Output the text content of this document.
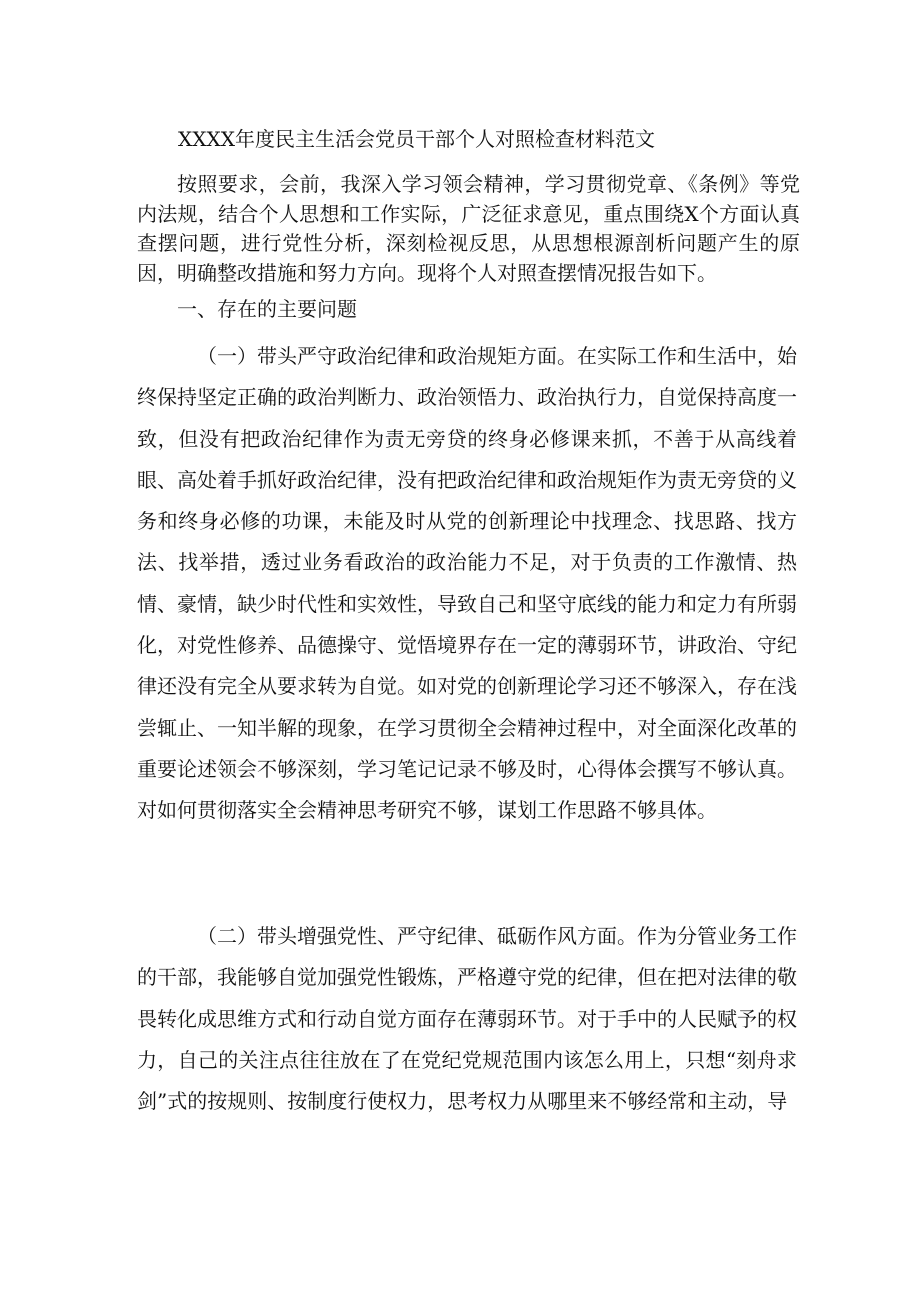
XXXX年度民主生活会党员干部个人对照检查材料范文

按照要求，会前，我深入学习领会精神，学习贯彻党章、《条例》等党内法规，结合个人思想和工作实际，广泛征求意见，重点围绕X个方面认真查摆问题，进行党性分析，深刻检视反思，从思想根源剖析问题产生的原因，明确整改措施和努力方向。现将个人对照查摆情况报告如下。

一、存在的主要问题

（一）带头严守政治纪律和政治规矩方面。在实际工作和生活中，始终保持坚定正确的政治判断力、政治领悟力、政治执行力，自觉保持高度一致，但没有把政治纪律作为责无旁贷的终身必修课来抓，不善于从高线着眼、高处着手抓好政治纪律，没有把政治纪律和政治规矩作为责无旁贷的义务和终身必修的功课，未能及时从党的创新理论中找理念、找思路、找方法、找举措，透过业务看政治的政治能力不足，对于负责的工作激情、热情、豪情，缺少时代性和实效性，导致自己和坚守底线的能力和定力有所弱化，对党性修养、品德操守、觉悟境界存在一定的薄弱环节，讲政治、守纪律还没有完全从要求转为自觉。如对党的创新理论学习还不够深入，存在浅尝辄止、一知半解的现象，在学习贯彻全会精神过程中，对全面深化改革的重要论述领会不够深刻，学习笔记记录不够及时，心得体会撰写不够认真。对如何贯彻落实全会精神思考研究不够，谋划工作思路不够具体。

（二）带头增强党性、严守纪律、砥砺作风方面。作为分管业务工作的干部，我能够自觉加强党性锻炼，严格遵守党的纪律，但在把对法律的敬畏转化成思维方式和行动自觉方面存在薄弱环节。对于手中的人民赋予的权力，自己的关注点往往放在了在党纪党规范围内该怎么用上，只想“刻舟求剑”式的按规则、按制度行使权力，思考权力从哪里来不够经常和主动，导
